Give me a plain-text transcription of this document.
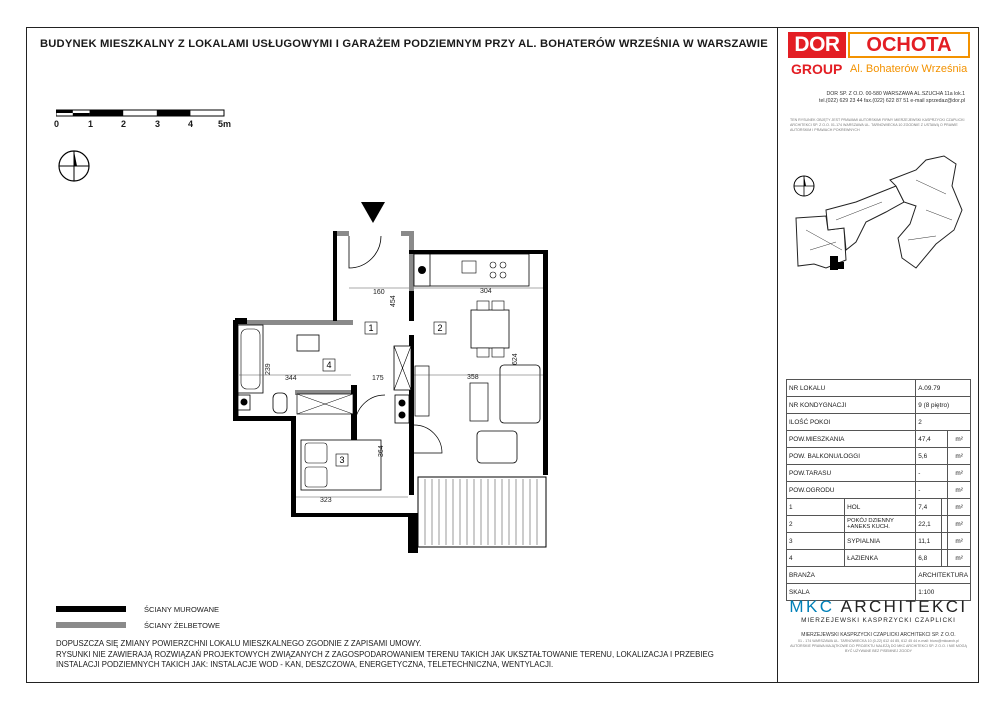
BUDYNEK MIESZKALNY Z LOKALAMI USŁUGOWYMI I GARAŻEM PODZIEMNYM PRZY AL. BOHATERÓW WRZEŚNIA W WARSZAWIE	DOR	OCHOTA
GROUP Al. Bohaterów Września
DOR SP. Z O.O. 00-580 WARSZAWA AL.SZUCHA 11a lok.1
tel.(022) 629 23 44 fax.(022) 622 87 51 e-mail sprzedaz@dor.pl
TEN RYSUNEK OBJĘTY JEST PRAWAMI AUTORSKIMI FIRMY MIERZEJEWSKI KASPRZYCKI CZAPLICKI ARCHITEKCI SP. Z O.O. 01-174 WARSZAWA UL. TARNOWIECKA 10 ZGODNIE Z USTAWĄ O PRAWIE AUTORSKIM I PRAWACH POKREWNYCH
0	1	2	3	4	5m
1	2
3
4
160	304
454
239
344	175	358
624
364
323
ŚCIANY MUROWANE
ŚCIANY ŻELBETOWE
DOPUSZCZA SIĘ ZMIANY POWIERZCHNI LOKALU MIESZKALNEGO ZGODNIE Z ZAPISAMI UMOWY.
RYSUNKI NIE ZAWIERAJĄ ROZWIĄZAŃ PROJEKTOWYCH ZWIĄZANYCH Z ZAGOSPODAROWANIEM TERENU TAKICH JAK UKSZTAŁTOWANIE TERENU, LOKALIZACJA I PRZEBIEG
INSTALACJI PODZIEMNYCH TAKICH JAK: INSTALACJE WOD - KAN, DESZCZOWA, ENERGETYCZNA, TELETECHNICZNA, WENTYLACJI.
NR LOKALU		A.09.79		
NR KONDYGNACJI		9 (8 piętro)		
ILOŚĆ POKOI		2		
POW.MIESZKANIA		47,4		m²
POW. BALKONU/LOGGI		5,6		m²
POW.TARASU		-		m²
POW.OGRODU		-		m²
1	HOL	7,4		m²
2	POKÓJ DZIENNY +ANEKS KUCH.	22,1		m²
3	SYPIALNIA	11,1		m²
4	ŁAZIENKA	6,8		m²
BRANŻA		ARCHITEKTURA		
SKALA		1:100		
MKC ARCHITEKCI
MIERZEJEWSKI KASPRZYCKI CZAPLICKI
MIERZEJEWSKI KASPRZYCKI CZAPLICKI ARCHITEKCI SP. Z O.O.
01 - 174 WARSZAWA UL. TARNOWIECKA 10 (0-22) 612 44 85, 612 45 44 e-mail: biuro@mkcarch.pl
AUTORSKIE PRAWA MAJĄTKOWE DO PROJEKTU NALEŻĄ DO MKC ARCHITEKCI SP. Z O.O. I NIE MOGĄ BYĆ UŻYWANE BEZ PISEMNEJ ZGODY
